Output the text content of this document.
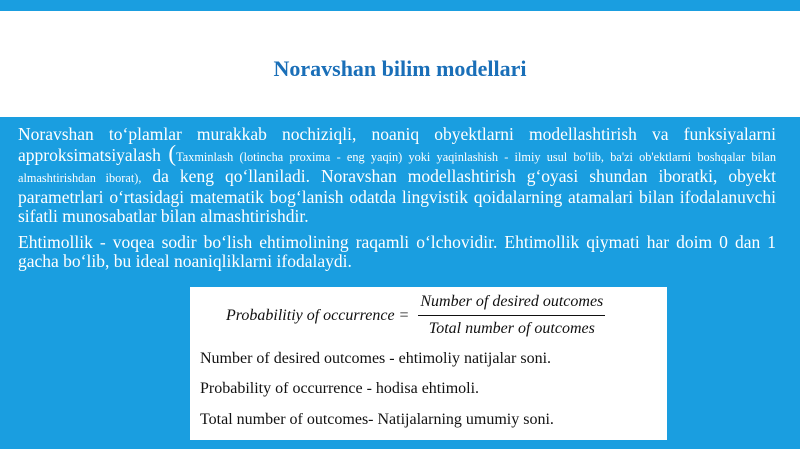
Noravshan bilim modellari

Noravshan to‘plamlar murakkab nochiziqli, noaniq obyektlarni modellashtirish va funksiyalarni approksimatsiyalash (Taxminlash (lotincha proxima - eng yaqin) yoki yaqinlashish - ilmiy usul bo'lib, ba'zi ob'ektlarni boshqalar bilan almashtirishdan iborat), da keng qo‘llaniladi. Noravshan modellashtirish g‘oyasi shundan iboratki, obyekt parametrlari o‘rtasidagi matematik bog‘lanish odatda lingvistik qoidalarning atamalari bilan ifodalanuvchi sifatli munosabatlar bilan almashtirishdir.

Ehtimollik - voqea sodir bo‘lish ehtimolining raqamli o‘lchovidir. Ehtimollik qiymati har doim 0 dan 1 gacha bo‘lib, bu ideal noaniqliklarni ifodalaydi.

Probabilitiy of occurrence = $\frac{\text{Number of desired outcomes}}{\text{Total number of outcomes}}$
Number of desired outcomes - ehtimoliy natijalar soni.
Probability of occurrence - hodisa ehtimoli.
Total number of outcomes- Natijalarning umumiy soni.
